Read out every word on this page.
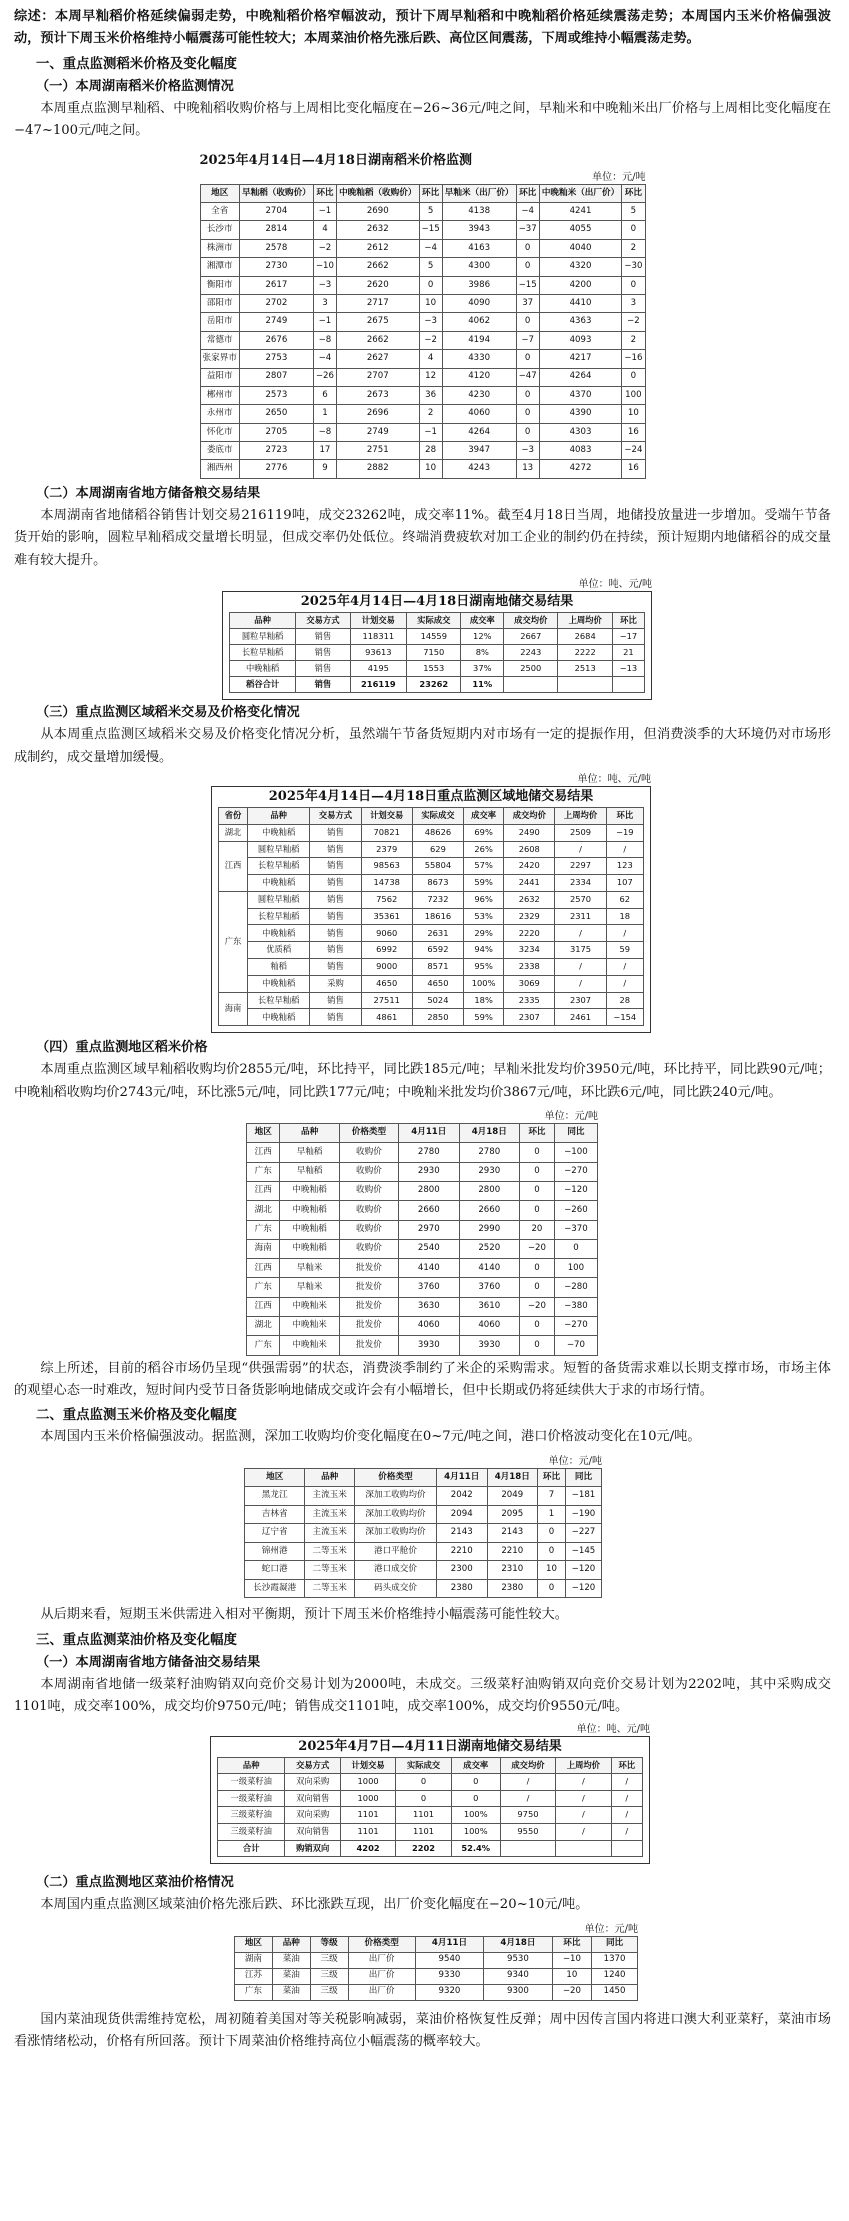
综述：本周早籼稻价格延续偏弱走势，中晚籼稻价格窄幅波动，预计下周早籼稻和中晚籼稻价格延续震荡走势；本周国内玉米价格偏强波动，预计下周玉米价格维持小幅震荡可能性较大；本周菜油价格先涨后跌、高位区间震荡，下周或维持小幅震荡走势。

一、重点监测稻米价格及变化幅度
（一）本周湖南稻米价格监测情况

本周重点监测早籼稻、中晚籼稻收购价格与上周相比变化幅度在−26~36元/吨之间，早籼米和中晚籼米出厂价格与上周相比变化幅度在−47~100元/吨之间。

2025年4月14日—4月18日湖南稻米价格监测

单位：元/吨

地区	早籼稻（收购价）	环比	中晚籼稻（收购价）	环比	早籼米（出厂价）	环比	中晚籼米（出厂价）	环比
全省	2704	−1	2690	5	4138	−4	4241	5
长沙市	2814	4	2632	−15	3943	−37	4055	0
株洲市	2578	−2	2612	−4	4163	0	4040	2
湘潭市	2730	−10	2662	5	4300	0	4320	−30
衡阳市	2617	−3	2620	0	3986	−15	4200	0
邵阳市	2702	3	2717	10	4090	37	4410	3
岳阳市	2749	−1	2675	−3	4062	0	4363	−2
常德市	2676	−8	2662	−2	4194	−7	4093	2
张家界市	2753	−4	2627	4	4330	0	4217	−16
益阳市	2807	−26	2707	12	4120	−47	4264	0
郴州市	2573	6	2673	36	4230	0	4370	100
永州市	2650	1	2696	2	4060	0	4390	10
怀化市	2705	−8	2749	−1	4264	0	4303	16
娄底市	2723	17	2751	28	3947	−3	4083	−24
湘西州	2776	9	2882	10	4243	13	4272	16
（二）本周湖南省地方储备粮交易结果

本周湖南省地储稻谷销售计划交易216119吨，成交23262吨，成交率11%。截至4月18日当周，地储投放量进一步增加。受端午节备货开始的影响，圆粒早籼稻成交量增长明显，但成交率仍处低位。终端消费疲软对加工企业的制约仍在持续，预计短期内地储稻谷的成交量难有较大提升。

单位：吨、元/吨

2025年4月14日—4月18日湖南地储交易结果
品种	交易方式	计划交易	实际成交	成交率	成交均价	上周均价	环比
圆粒早籼稻	销售	118311	14559	12%	2667	2684	−17
长粒早籼稻	销售	93613	7150	8%	2243	2222	21
中晚籼稻	销售	4195	1553	37%	2500	2513	−13
稻谷合计	销售	216119	23262	11%			
（三）重点监测区域稻米交易及价格变化情况

从本周重点监测区域稻米交易及价格变化情况分析，虽然端午节备货短期内对市场有一定的提振作用，但消费淡季的大环境仍对市场形成制约，成交量增加缓慢。

单位：吨、元/吨

2025年4月14日—4月18日重点监测区域地储交易结果
省份	品种	交易方式	计划交易	实际成交	成交率	成交均价	上周均价	环比
湖北	中晚籼稻	销售	70821	48626	69%	2490	2509	−19
江西	圆粒早籼稻	销售	2379	629	26%	2608	/	/
	长粒早籼稻	销售	98563	55804	57%	2420	2297	123
	中晚籼稻	销售	14738	8673	59%	2441	2334	107
广东	圆粒早籼稻	销售	7562	7232	96%	2632	2570	62
	长粒早籼稻	销售	35361	18616	53%	2329	2311	18
	中晚籼稻	销售	9060	2631	29%	2220	/	/
	优质稻	销售	6992	6592	94%	3234	3175	59
	籼稻	销售	9000	8571	95%	2338	/	/
	中晚籼稻	采购	4650	4650	100%	3069	/	/
海南	长粒早籼稻	销售	27511	5024	18%	2335	2307	28
	中晚籼稻	销售	4861	2850	59%	2307	2461	−154
（四）重点监测地区稻米价格

本周重点监测区域早籼稻收购均价2855元/吨，环比持平，同比跌185元/吨；早籼米批发均价3950元/吨，环比持平，同比跌90元/吨；中晚籼稻收购均价2743元/吨，环比涨5元/吨，同比跌177元/吨；中晚籼米批发均价3867元/吨，环比跌6元/吨，同比跌240元/吨。

单位：元/吨

地区	品种	价格类型	4月11日	4月18日	环比	同比
江西	早籼稻	收购价	2780	2780	0	−100
广东	早籼稻	收购价	2930	2930	0	−270
江西	中晚籼稻	收购价	2800	2800	0	−120
湖北	中晚籼稻	收购价	2660	2660	0	−260
广东	中晚籼稻	收购价	2970	2990	20	−370
海南	中晚籼稻	收购价	2540	2520	−20	0
江西	早籼米	批发价	4140	4140	0	100
广东	早籼米	批发价	3760	3760	0	−280
江西	中晚籼米	批发价	3630	3610	−20	−380
湖北	中晚籼米	批发价	4060	4060	0	−270
广东	中晚籼米	批发价	3930	3930	0	−70

综上所述，目前的稻谷市场仍呈现“供强需弱”的状态，消费淡季制约了米企的采购需求。短暂的备货需求难以长期支撑市场，市场主体的观望心态一时难改，短时间内受节日备货影响地储成交或许会有小幅增长，但中长期或仍将延续供大于求的市场行情。

二、重点监测玉米价格及变化幅度

本周国内玉米价格偏强波动。据监测，深加工收购均价变化幅度在0~7元/吨之间，港口价格波动变化在10元/吨。

单位：元/吨

地区	品种	价格类型	4月11日	4月18日	环比	同比
黑龙江	主流玉米	深加工收购均价	2042	2049	7	−181
吉林省	主流玉米	深加工收购均价	2094	2095	1	−190
辽宁省	主流玉米	深加工收购均价	2143	2143	0	−227
锦州港	二等玉米	港口平舱价	2210	2210	0	−145
蛇口港	二等玉米	港口成交价	2300	2310	10	−120
长沙霞凝港	二等玉米	码头成交价	2380	2380	0	−120

从后期来看，短期玉米供需进入相对平衡期，预计下周玉米价格维持小幅震荡可能性较大。

三、重点监测菜油价格及变化幅度
（一）本周湖南省地方储备油交易结果

本周湖南省地储一级菜籽油购销双向竞价交易计划为2000吨，未成交。三级菜籽油购销双向竞价交易计划为2202吨，其中采购成交1101吨，成交率100%，成交均价9750元/吨；销售成交1101吨，成交率100%，成交均价9550元/吨。

单位：吨、元/吨

2025年4月7日—4月11日湖南地储交易结果
品种	交易方式	计划交易	实际成交	成交率	成交均价	上周均价	环比
一级菜籽油	双向采购	1000	0	0	/	/	/
一级菜籽油	双向销售	1000	0	0	/	/	/
三级菜籽油	双向采购	1101	1101	100%	9750	/	/
三级菜籽油	双向销售	1101	1101	100%	9550	/	/
合计	购销双向	4202	2202	52.4%			
（二）重点监测地区菜油价格情况

本周国内重点监测区域菜油价格先涨后跌、环比涨跌互现，出厂价变化幅度在−20~10元/吨。

单位：元/吨

地区	品种	等级	价格类型	4月11日	4月18日	环比	同比
湖南	菜油	三级	出厂价	9540	9530	−10	1370
江苏	菜油	三级	出厂价	9330	9340	10	1240
广东	菜油	三级	出厂价	9320	9300	−20	1450

国内菜油现货供需维持宽松，周初随着美国对等关税影响减弱，菜油价格恢复性反弹；周中因传言国内将进口澳大利亚菜籽，菜油市场看涨情绪松动，价格有所回落。预计下周菜油价格维持高位小幅震荡的概率较大。
